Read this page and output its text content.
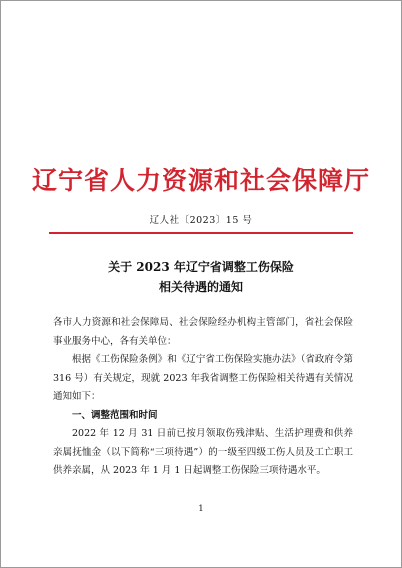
辽宁省人力资源和社会保障厅
辽人社〔2023〕15 号
关于 2023 年辽宁省调整工伤保险
相关待遇的通知

各市人力资源和社会保障局、社会保险经办机构主管部门，省社会保险事业服务中心，各有关单位：

根据《工伤保险条例》和《辽宁省工伤保险实施办法》（省政府令第 316 号）有关规定，现就 2023 年我省调整工伤保险相关待遇有关情况通知如下：

一、调整范围和时间

2022 年 12 月 31 日前已按月领取伤残津贴、生活护理费和供养亲属抚恤金（以下简称“三项待遇”）的一级至四级工伤人员及工亡职工供养亲属，从 2023 年 1 月 1 日起调整工伤保险三项待遇水平。

1
